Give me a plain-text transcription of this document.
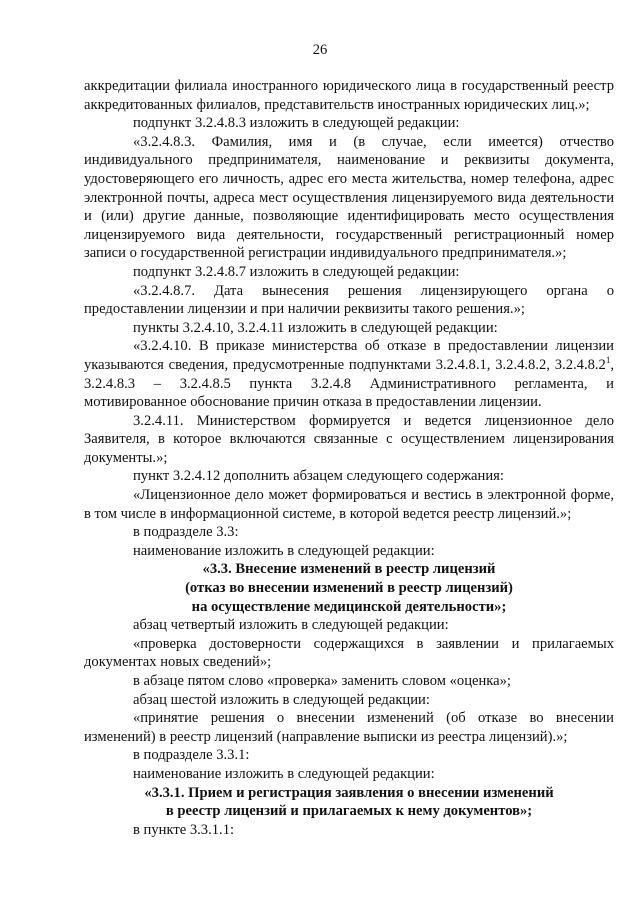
26

аккредитации филиала иностранного юридического лица в государственный реестр аккредитованных филиалов, представительств иностранных юридических лиц.»;

подпункт 3.2.4.8.3 изложить в следующей редакции:

«3.2.4.8.3. Фамилия, имя и (в случае, если имеется) отчество индивидуального предпринимателя, наименование и реквизиты документа, удостоверяющего его личность, адрес его места жительства, номер телефона, адрес электронной почты, адреса мест осуществления лицензируемого вида деятельности и (или) другие данные, позволяющие идентифицировать место осуществления лицензируемого вида деятельности, государственный регистрационный номер записи о государственной регистрации индивидуального предпринимателя.»;

подпункт 3.2.4.8.7 изложить в следующей редакции:

«3.2.4.8.7. Дата вынесения решения лицензирующего органа о предоставлении лицензии и при наличии реквизиты такого решения.»;

пункты 3.2.4.10, 3.2.4.11 изложить в следующей редакции:

«3.2.4.10. В приказе министерства об отказе в предоставлении лицензии указываются сведения, предусмотренные подпунктами 3.2.4.8.1, 3.2.4.8.2, 3.2.4.8.2$^1$, 3.2.4.8.3 – 3.2.4.8.5 пункта 3.2.4.8 Административного регламента, и мотивированное обоснование причин отказа в предоставлении лицензии.

3.2.4.11. Министерством формируется и ведется лицензионное дело Заявителя, в которое включаются связанные с осуществлением лицензирования документы.»;

пункт 3.2.4.12 дополнить абзацем следующего содержания:

«Лицензионное дело может формироваться и вестись в электронной форме, в том числе в информационной системе, в которой ведется реестр лицензий.»;

в подразделе 3.3:

наименование изложить в следующей редакции:

«3.3. Внесение изменений в реестр лицензий
(отказ во внесении изменений в реестр лицензий)
на осуществление медицинской деятельности»;

абзац четвертый изложить в следующей редакции:

«проверка достоверности содержащихся в заявлении и прилагаемых документах новых сведений»;

в абзаце пятом слово «проверка» заменить словом «оценка»;

абзац шестой изложить в следующей редакции:

«принятие решения о внесении изменений (об отказе во внесении изменений) в реестр лицензий (направление выписки из реестра лицензий).»;

в подразделе 3.3.1:

наименование изложить в следующей редакции:

«3.3.1. Прием и регистрация заявления о внесении изменений
в реестр лицензий и прилагаемых к нему документов»;

в пункте 3.3.1.1:
